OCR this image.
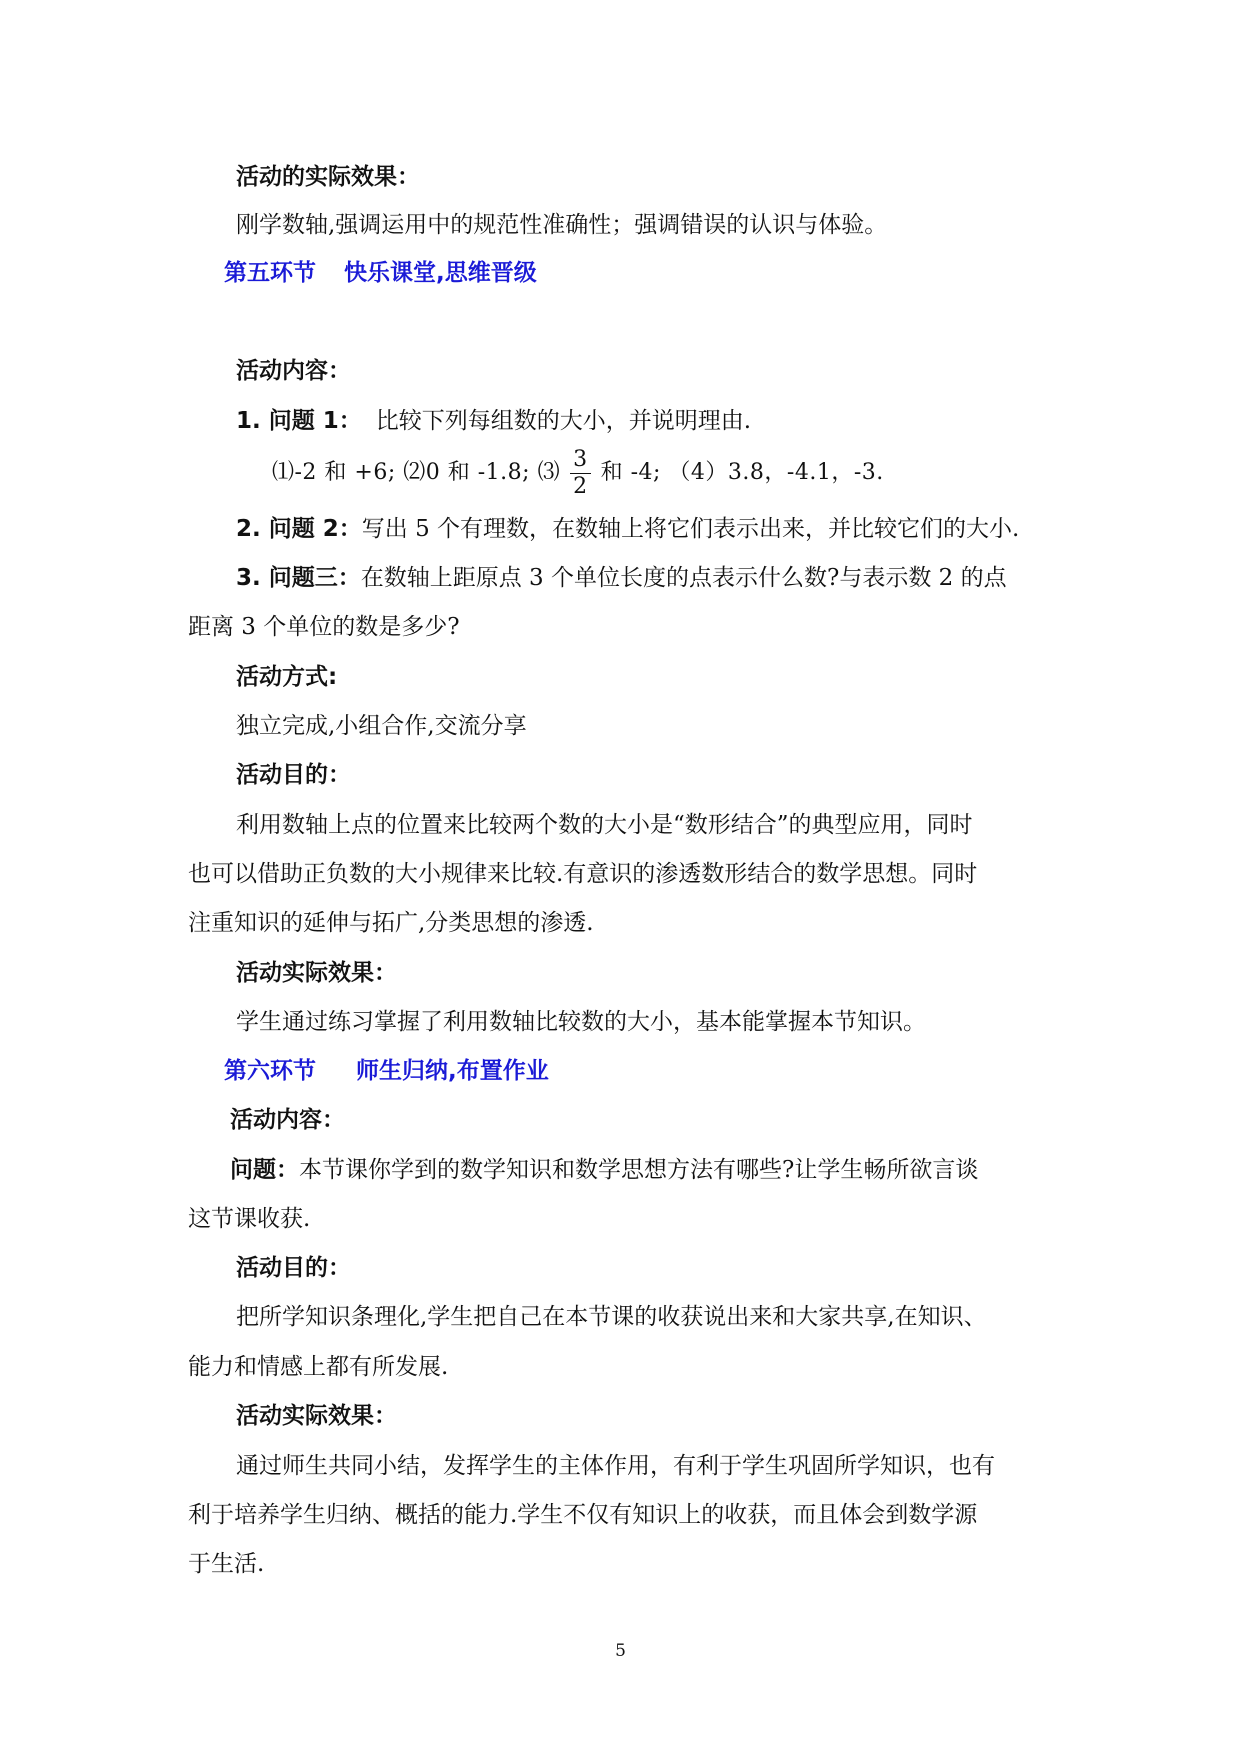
活动的实际效果：
刚学数轴,强调运用中的规范性准确性；强调错误的认识与体验。
第五环节 快乐课堂,思维晋级
活动内容：
1. 问题 1： 比较下列每组数的大小，并说明理由.
⑴-2 和 +6; ⑵0 和 -1.8; ⑶ $\frac{3}{2}$ 和 -4; （4）3.8，-4.1，-3.
2. 问题 2：写出 5 个有理数，在数轴上将它们表示出来，并比较它们的大小.
3. 问题三：在数轴上距原点 3 个单位长度的点表示什么数?与表示数 2 的点
距离 3 个单位的数是多少?
活动方式:
独立完成,小组合作,交流分享
活动目的：
利用数轴上点的位置来比较两个数的大小是“数形结合”的典型应用，同时
也可以借助正负数的大小规律来比较.有意识的渗透数形结合的数学思想。同时
注重知识的延伸与拓广,分类思想的渗透.
活动实际效果：
学生通过练习掌握了利用数轴比较数的大小，基本能掌握本节知识。
第六环节 师生归纳,布置作业
活动内容：
问题：本节课你学到的数学知识和数学思想方法有哪些?让学生畅所欲言谈
这节课收获.
活动目的：
把所学知识条理化,学生把自己在本节课的收获说出来和大家共享,在知识、
能力和情感上都有所发展.
活动实际效果：
通过师生共同小结，发挥学生的主体作用，有利于学生巩固所学知识，也有
利于培养学生归纳、概括的能力.学生不仅有知识上的收获，而且体会到数学源
于生活.
5
